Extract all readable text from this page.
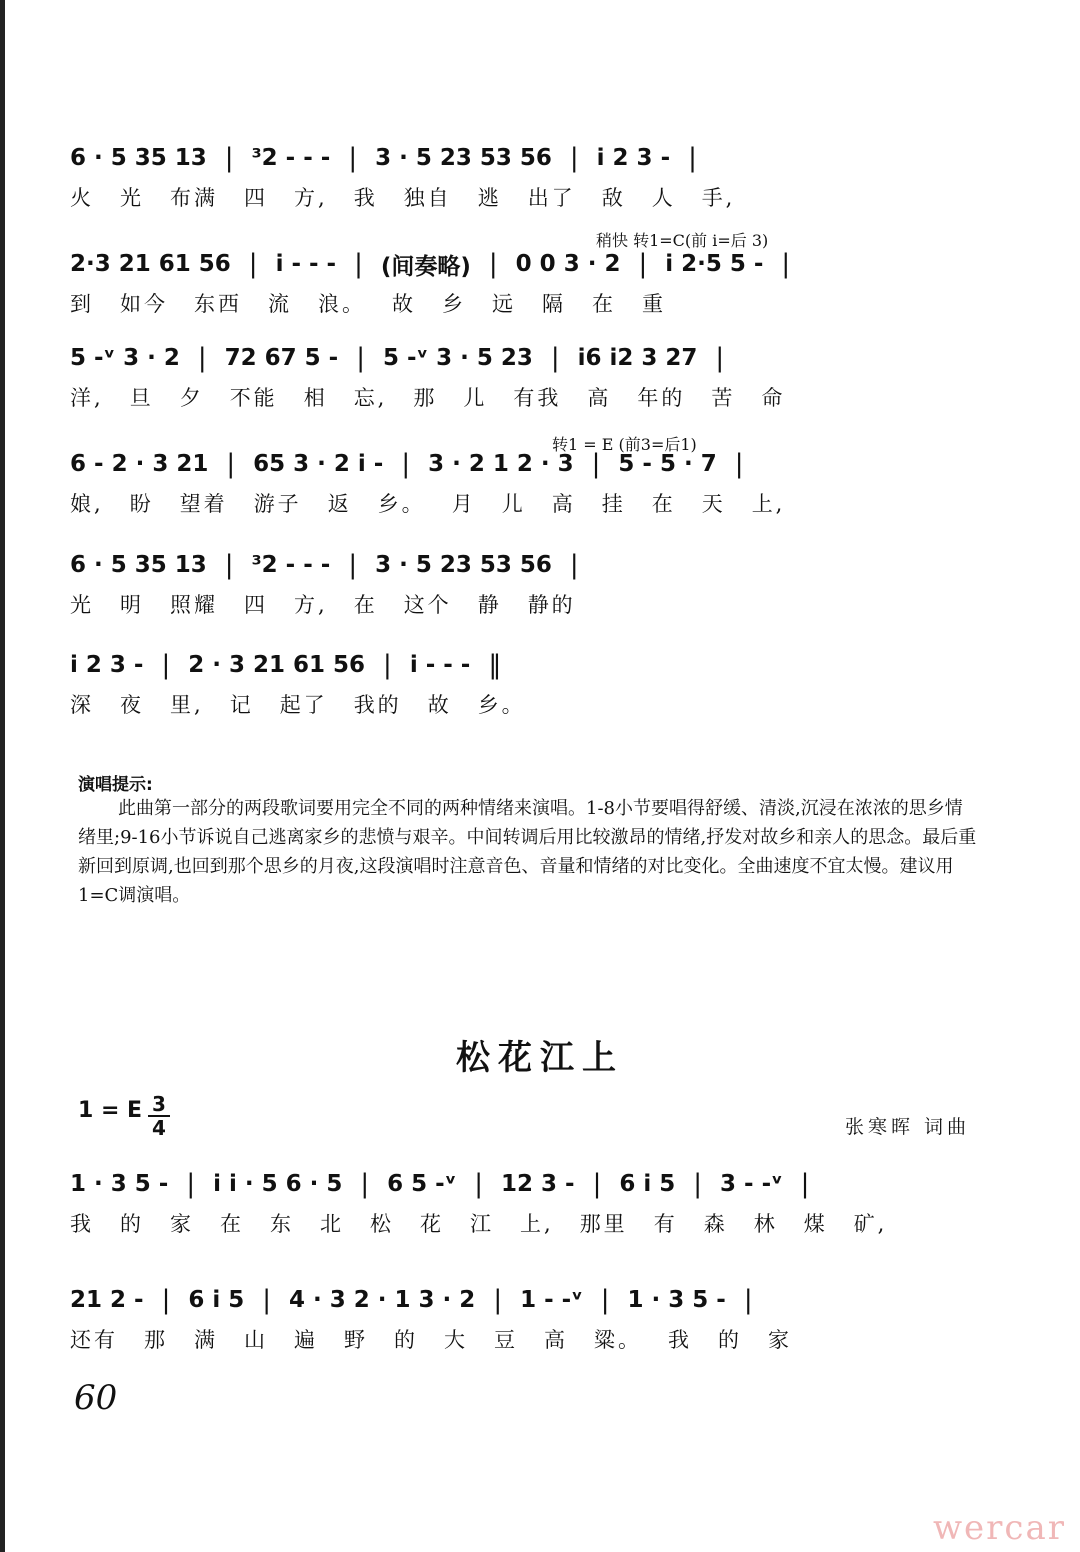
6 · 5 35 13 | ³2 - - - | 3 · 5 23 53 56 | i 2 3 - |
火 光 布满 四 方, 我 独自 逃 出了 敌 人 手,
稍快 转1=C(前 i=后 3)
2·3 21 61 56 | i - - - | (间奏略) | 0 0 3 · 2 | i 2·5 5 - |
到 如今 东西 流 浪。 故 乡 远 隔 在 重
5 -ᵛ 3 · 2 | 72 67 5 - | 5 -ᵛ 3 · 5 23 | i6 i2 3 27 |
洋, 旦 夕 不能 相 忘, 那 儿 有我 高 年的 苦 命
转1 = E (前3=后1)
6 - 2 · 3 21 | 65 3 · 2 i - | 3 · 2 1 2 · 3 | 5 - 5 · 7 |
娘, 盼 望着 游子 返 乡。 月 儿 高 挂 在 天 上,
6 · 5 35 13 | ³2 - - - | 3 · 5 23 53 56 |
光 明 照耀 四 方, 在 这个 静 静的
i 2 3 - | 2 · 3 21 61 56 | i - - - ‖
深 夜 里, 记 起了 我的 故 乡。
演唱提示:
此曲第一部分的两段歌词要用完全不同的两种情绪来演唱。1-8小节要唱得舒缓、清淡,沉浸在浓浓的思乡情绪里;9-16小节诉说自己逃离家乡的悲愤与艰辛。中间转调后用比较激昂的情绪,抒发对故乡和亲人的思念。最后重新回到原调,也回到那个思乡的月夜,这段演唱时注意音色、音量和情绪的对比变化。全曲速度不宜太慢。建议用1=C调演唱。
松花江上
1 = E 3
4	张寒晖 词曲
1 · 3 5 - | i i · 5 6 · 5 | 6 5 -ᵛ | 12 3 - | 6 i 5 | 3 - -ᵛ |
我 的 家 在 东 北 松 花 江 上, 那里 有 森 林 煤 矿,
21 2 - | 6 i 5 | 4 · 3 2 · 1 3 · 2 | 1 - -ᵛ | 1 · 3 5 - |
还有 那 满 山 遍 野 的 大 豆 高 粱。 我 的 家
60
wercar
